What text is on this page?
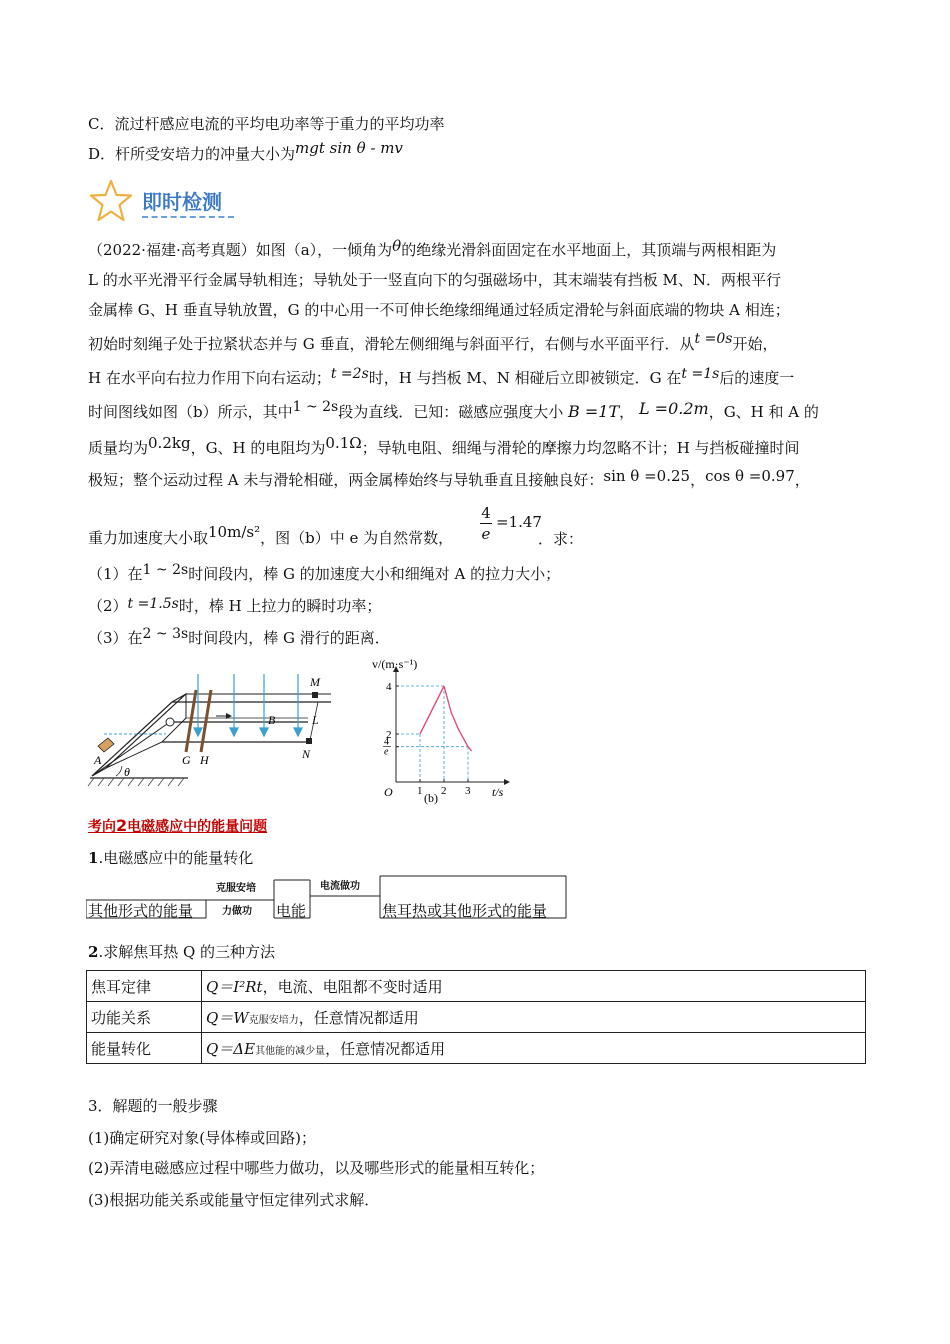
C．流过杆感应电流的平均电功率等于重力的平均功率
D．杆所受安培力的冲量大小为mgt sin θ - mv
即时检测
（2022·福建·高考真题）如图（a），一倾角为θ的绝缘光滑斜面固定在水平地面上，其顶端与两根相距为
L 的水平光滑平行金属导轨相连；导轨处于一竖直向下的匀强磁场中，其末端装有挡板 M、N．两根平行
金属棒 G、H 垂直导轨放置，G 的中心用一不可伸长绝缘细绳通过轻质定滑轮与斜面底端的物块 A 相连；
初始时刻绳子处于拉紧状态并与 G 垂直，滑轮左侧细绳与斜面平行，右侧与水平面平行．从t =0s开始，
H 在水平向右拉力作用下向右运动；t =2s时，H 与挡板 M、N 相碰后立即被锁定．G 在t =1s后的速度一
时间图线如图（b）所示，其中1 ~ 2s段为直线．已知：磁感应强度大小 B =1T， L =0.2m，G、H 和 A 的
质量均为0.2kg，G、H 的电阻均为0.1Ω；导轨电阻、细绳与滑轮的摩擦力均忽略不计；H 与挡板碰撞时间
极短；整个运动过程 A 未与滑轮相碰，两金属棒始终与导轨垂直且接触良好：sin θ =0.25，cos θ =0.97，
重力加速度大小取10m/s²，图（b）中 e 为自然常数，
4
e
=1.47
．求：
（1）在1 ~ 2s时间段内，棒 G 的加速度大小和细绳对 A 的拉力大小；
（2）t =1.5s时，棒 H 上拉力的瞬时功率；
（3）在2 ~ 3s时间段内，棒 G 滑行的距离．
A
θ
G H
B	L
M
N
v/(m·s⁻¹)
t/s
O 1 2 3
2
4
e
4
(b)
考向2电磁感应中的能量问题
1.电磁感应中的能量转化
其他形式的能量
克服安培
力做功 电能
电流做功
焦耳热或其他形式的能量
2.求解焦耳热 Q 的三种方法
焦耳定律	Q＝I²Rt，电流、电阻都不变时适用
功能关系	Q＝W克服安培力，任意情况都适用
能量转化	Q＝ΔE其他能的减少量，任意情况都适用
3．解题的一般步骤
(1)确定研究对象(导体棒或回路)；
(2)弄清电磁感应过程中哪些力做功，以及哪些形式的能量相互转化；
(3)根据功能关系或能量守恒定律列式求解．
